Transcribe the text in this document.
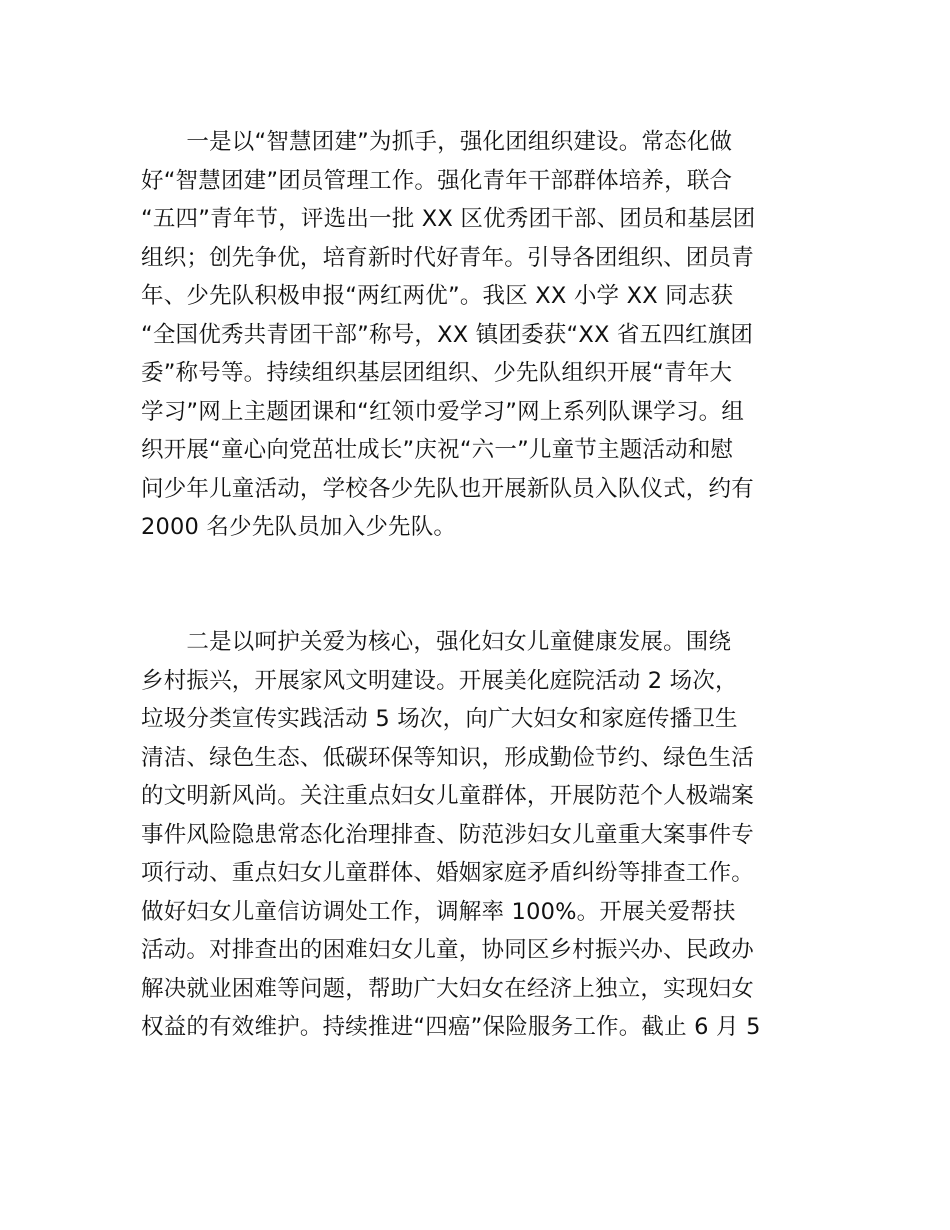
　　一是以“智慧团建”为抓手，强化团组织建设。常态化做
好“智慧团建”团员管理工作。强化青年干部群体培养，联合
“五四”青年节，评选出一批 XX 区优秀团干部、团员和基层团
组织；创先争优，培育新时代好青年。引导各团组织、团员青
年、少先队积极申报“两红两优”。我区 XX 小学 XX 同志获
“全国优秀共青团干部”称号，XX 镇团委获“XX 省五四红旗团
委”称号等。持续组织基层团组织、少先队组织开展“青年大
学习”网上主题团课和“红领巾爱学习”网上系列队课学习。组
织开展“童心向党茁壮成长”庆祝“六一”儿童节主题活动和慰
问少年儿童活动，学校各少先队也开展新队员入队仪式，约有
2000 名少先队员加入少先队。
　　二是以呵护关爱为核心，强化妇女儿童健康发展。围绕
乡村振兴，开展家风文明建设。开展美化庭院活动 2 场次，
垃圾分类宣传实践活动 5 场次，向广大妇女和家庭传播卫生
清洁、绿色生态、低碳环保等知识，形成勤俭节约、绿色生活
的文明新风尚。关注重点妇女儿童群体，开展防范个人极端案
事件风险隐患常态化治理排查、防范涉妇女儿童重大案事件专
项行动、重点妇女儿童群体、婚姻家庭矛盾纠纷等排查工作。
做好妇女儿童信访调处工作，调解率 100%。开展关爱帮扶
活动。对排查出的困难妇女儿童，协同区乡村振兴办、民政办
解决就业困难等问题，帮助广大妇女在经济上独立，实现妇女
权益的有效维护。持续推进“四癌”保险服务工作。截止 6 月 5
